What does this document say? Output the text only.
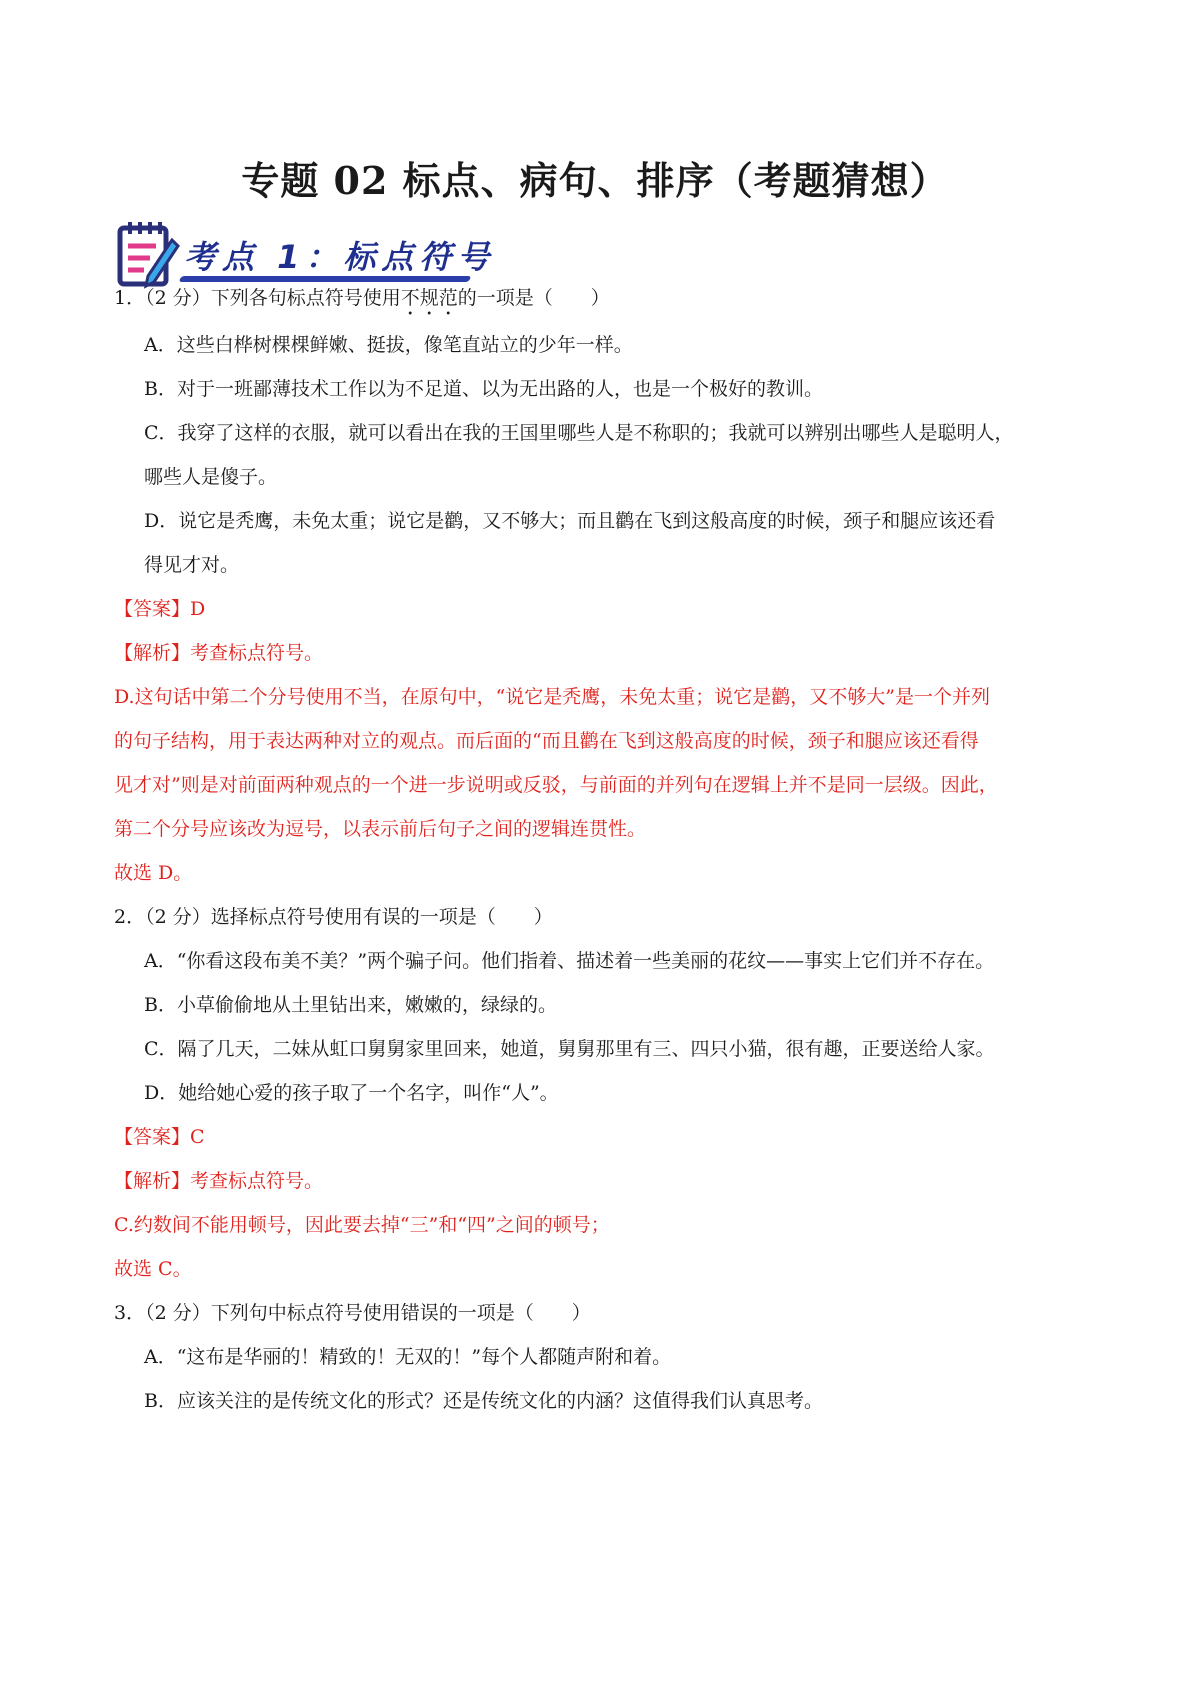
专题 02 标点、病句、排序（考题猜想）
考点 1：标点符号
1．（2 分）下列各句标点符号使用不规范的一项是（　　）
A．这些白桦树棵棵鲜嫩、挺拔，像笔直站立的少年一样。
B．对于一班鄙薄技术工作以为不足道、以为无出路的人，也是一个极好的教训。
C．我穿了这样的衣服，就可以看出在我的王国里哪些人是不称职的；我就可以辨别出哪些人是聪明人，
哪些人是傻子。
D．说它是秃鹰，未免太重；说它是鹳，又不够大；而且鹳在飞到这般高度的时候，颈子和腿应该还看
得见才对。
【答案】D
【解析】考查标点符号。
D.这句话中第二个分号使用不当，在原句中，“说它是秃鹰，未免太重；说它是鹳，又不够大”是一个并列
的句子结构，用于表达两种对立的观点。而后面的“而且鹳在飞到这般高度的时候，颈子和腿应该还看得
见才对”则是对前面两种观点的一个进一步说明或反驳，与前面的并列句在逻辑上并不是同一层级。因此，
第二个分号应该改为逗号，以表示前后句子之间的逻辑连贯性。
故选 D。
2．（2 分）选择标点符号使用有误的一项是（　　）
A．“你看这段布美不美？”两个骗子问。他们指着、描述着一些美丽的花纹——事实上它们并不存在。
B．小草偷偷地从土里钻出来，嫩嫩的，绿绿的。
C．隔了几天，二妹从虹口舅舅家里回来，她道，舅舅那里有三、四只小猫，很有趣，正要送给人家。
D．她给她心爱的孩子取了一个名字，叫作“人”。
【答案】C
【解析】考查标点符号。
C.约数间不能用顿号，因此要去掉“三”和“四”之间的顿号；
故选 C。
3．（2 分）下列句中标点符号使用错误的一项是（　　）
A．“这布是华丽的！精致的！无双的！”每个人都随声附和着。
B．应该关注的是传统文化的形式？还是传统文化的内涵？这值得我们认真思考。
